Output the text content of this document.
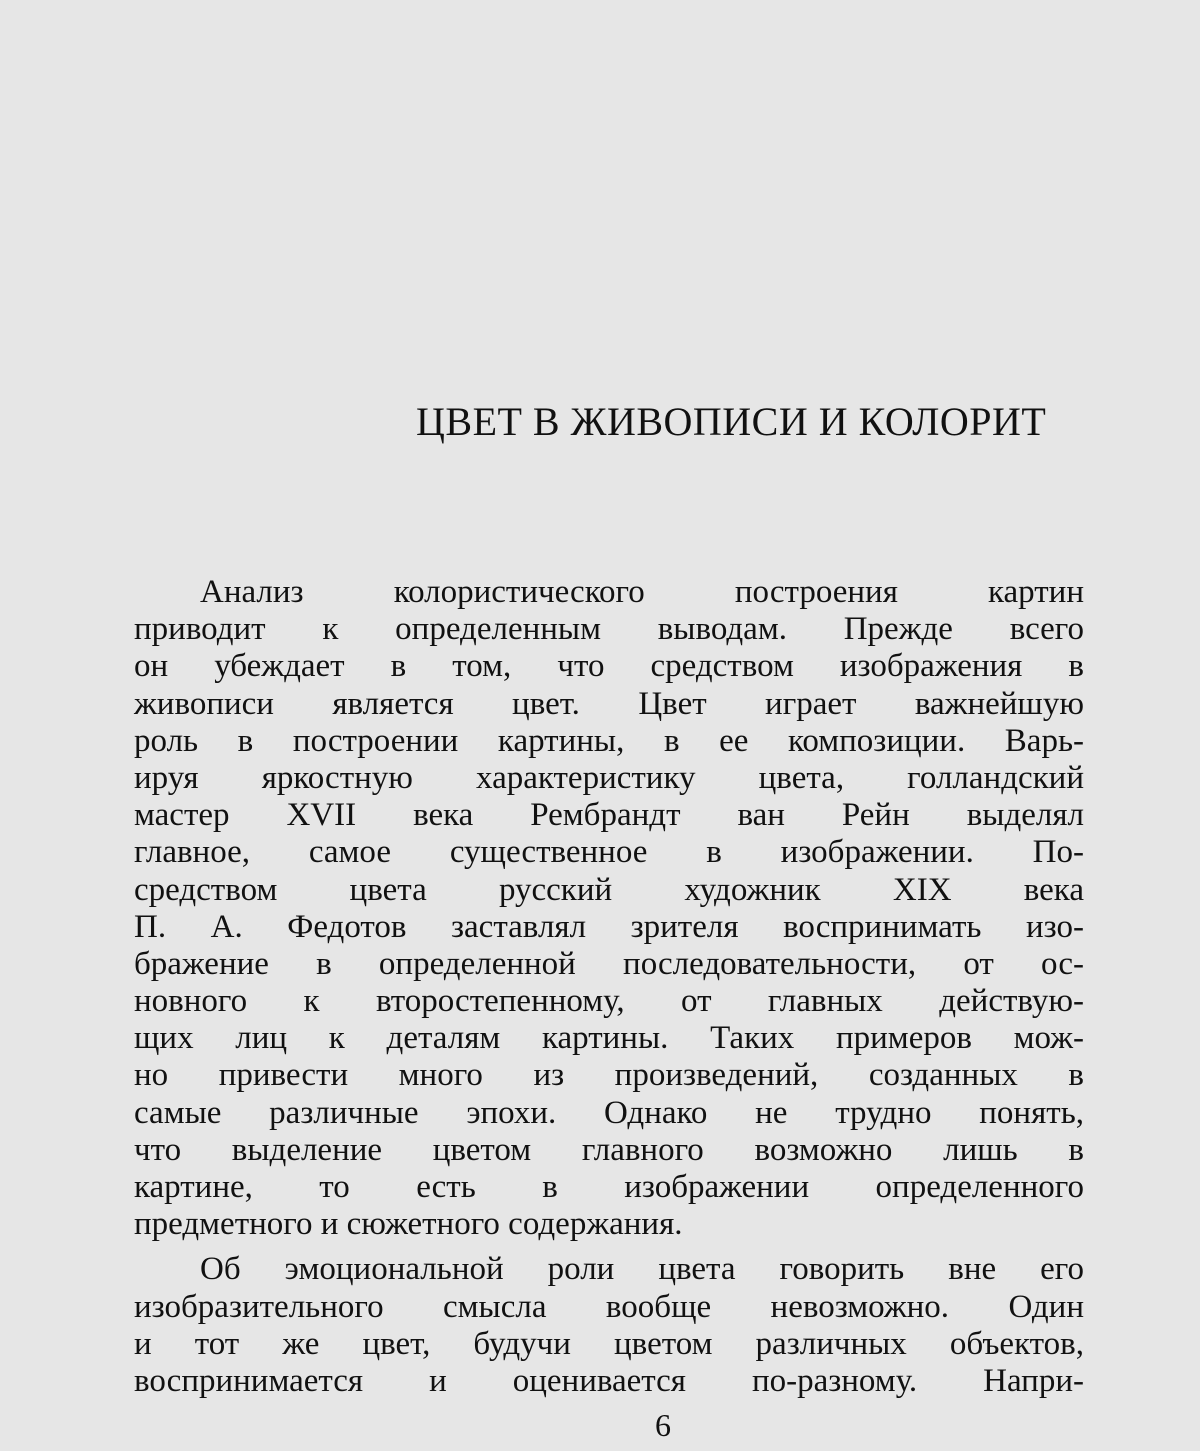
ЦВЕТ В ЖИВОПИСИ И КОЛОРИТ
Анализ колористического построения картин
приводит к определенным выводам. Прежде всего
он убеждает в том, что средством изображения в
живописи является цвет. Цвет играет важнейшую
роль в построении картины, в ее композиции. Варь-
ируя яркостную характеристику цвета, голландский
мастер XVII века Рембрандт ван Рейн выделял
главное, самое существенное в изображении. По-
средством цвета русский художник XIX века
П. А. Федотов заставлял зрителя воспринимать изо-
бражение в определенной последовательности, от ос-
новного к второстепенному, от главных действую-
щих лиц к деталям картины. Таких примеров мож-
но привести много из произведений, созданных в
самые различные эпохи. Однако не трудно понять,
что выделение цветом главного возможно лишь в
картине, то есть в изображении определенного
предметного и сюжетного содержания.
Об эмоциональной роли цвета говорить вне его
изобразительного смысла вообще невозможно. Один
и тот же цвет, будучи цветом различных объектов,
воспринимается и оценивается по-разному. Напри-
6
